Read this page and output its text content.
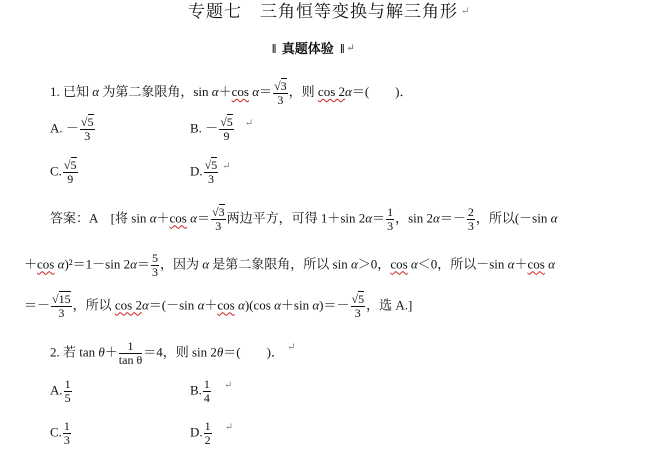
专题七　三角恒等变换与解三角形 ↵
‖ 真题体验 ‖ ↵
1. 已知 α 为第二象限角，sin α＋cos $\alpha= \frac{√3}{3}$ ，则 cos 2α＝(　　)．
A. － $\frac{√5}{3}$	B. － $\frac{√5}{9} ^↵$
C. $\frac{√5}{9}$	D. $\frac{√5}{3} ^↵$
答案：A　[将 sin α＋cos $\alpha= \frac{√3}{3}$ 两边平方，可得 1＋sin $2\alpha= \frac{1}{3}$ ，$\sin 2\alpha=- \frac{2}{3}$ ，所以(－sin α
＋cos α)²＝1－sin $2\alpha= \frac{5}{3}$ ，因为 α 是第二象限角，所以 sin α＞0，cos α＜0，所以－sin α＋cos α
＝－ $\frac{√15}{3}$ ，所以 cos 2α＝(－sin α＋cos α)(cos α＋sin $\alpha)=- \frac{√5}{3}$ ，选 A.]
2. 若 $\tan \theta+ \frac{1}{\text{tan θ}} =4$，则 sin 2θ＝(　　)． ↵
A. $\frac{1}{5}$	B. $\frac{1}{4} ^↵$
C. $\frac{1}{3}$	D. $\frac{1}{2} ^↵$
